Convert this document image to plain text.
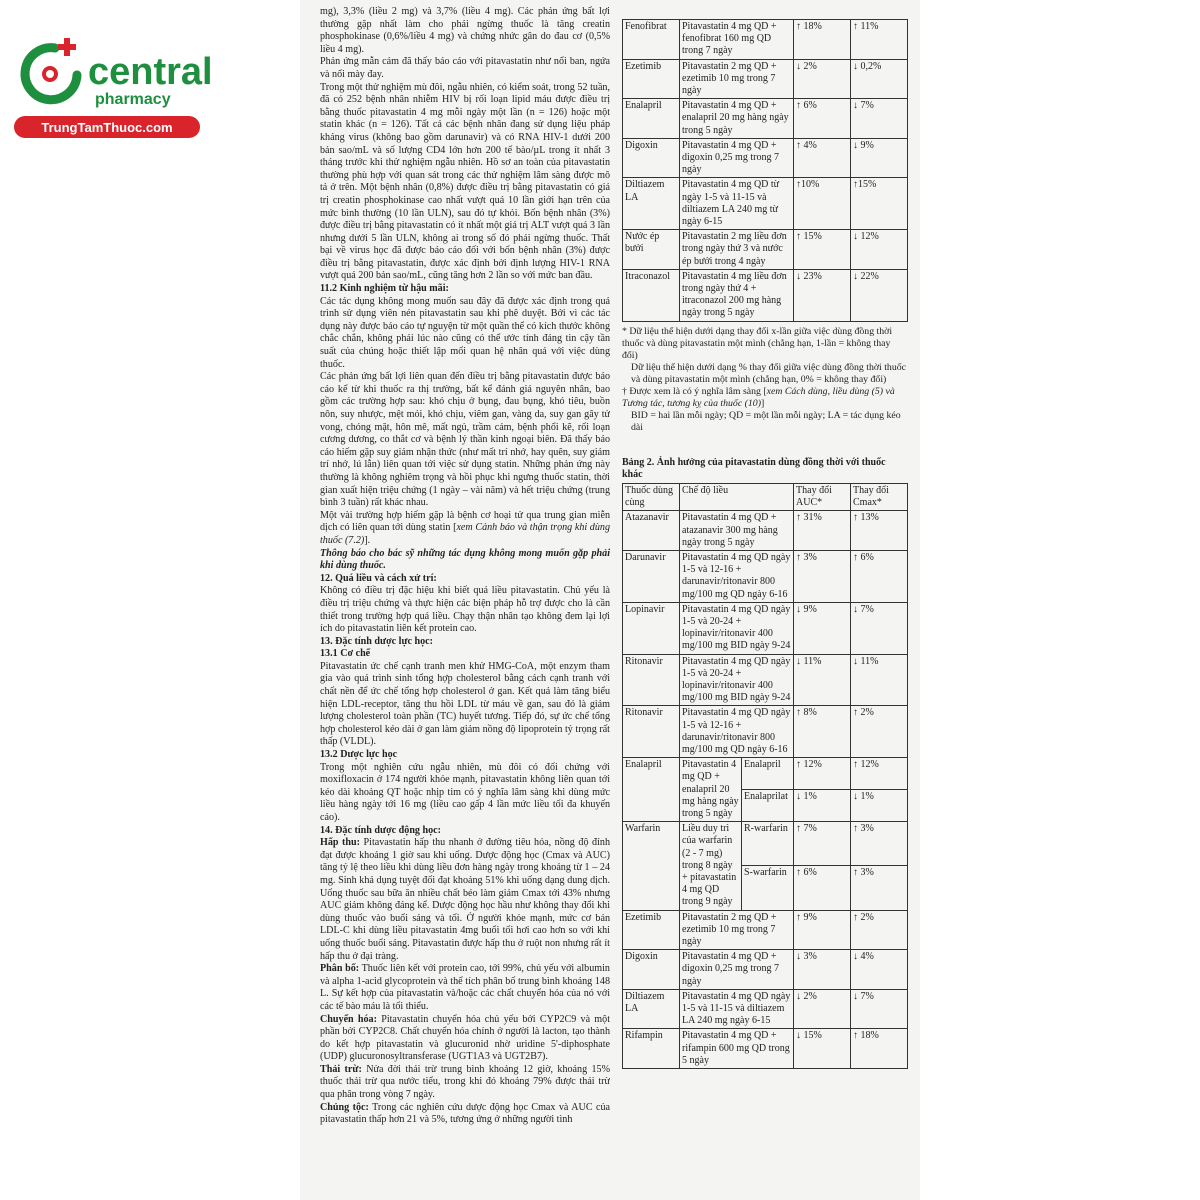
central
pharmacy
TrungTamThuoc.com

mg), 3,3% (liều 2 mg) và 3,7% (liều 4 mg). Các phản ứng bất lợi thường gặp nhất làm cho phải ngừng thuốc là tăng creatin phosphokinase (0,6%/liều 4 mg) và chứng nhức gân do đau cơ (0,5% liều 4 mg).

Phản ứng mẫn cảm đã thấy báo cáo với pitavastatin như nổi ban, ngứa và nổi mày đay.

Trong một thử nghiệm mù đôi, ngẫu nhiên, có kiểm soát, trong 52 tuần, đã có 252 bệnh nhân nhiễm HIV bị rối loạn lipid máu được điều trị bằng thuốc pitavastatin 4 mg mỗi ngày một lần (n = 126) hoặc một statin khác (n = 126). Tất cả các bệnh nhân đang sử dụng liệu pháp kháng virus (không bao gồm darunavir) và có RNA HIV-1 dưới 200 bản sao/mL và số lượng CD4 lớn hơn 200 tế bào/µL trong ít nhất 3 tháng trước khi thử nghiệm ngẫu nhiên. Hồ sơ an toàn của pitavastatin thường phù hợp với quan sát trong các thử nghiệm lâm sàng được mô tả ở trên. Một bệnh nhân (0,8%) được điều trị bằng pitavastatin có giá trị creatin phosphokinase cao nhất vượt quá 10 lần giới hạn trên của mức bình thường (10 lần ULN), sau đó tự khỏi. Bốn bệnh nhân (3%) được điều trị bằng pitavastatin có ít nhất một giá trị ALT vượt quá 3 lần nhưng dưới 5 lần ULN, không ai trong số đó phải ngừng thuốc. Thất bại về virus học đã được báo cáo đối với bốn bệnh nhân (3%) được điều trị bằng pitavastatin, được xác định bởi định lượng HIV-1 RNA vượt quá 200 bản sao/mL, cũng tăng hơn 2 lần so với mức ban đầu.

11.2 Kinh nghiệm từ hậu mãi:

Các tác dụng không mong muốn sau đây đã được xác định trong quá trình sử dụng viên nén pitavastatin sau khi phê duyệt. Bởi vì các tác dụng này được báo cáo tự nguyện từ một quần thể có kích thước không chắc chắn, không phải lúc nào cũng có thể ước tính đáng tin cậy tần suất của chúng hoặc thiết lập mối quan hệ nhân quả với việc dùng thuốc.

Các phản ứng bất lợi liên quan đến điều trị bằng pitavastatin được báo cáo kể từ khi thuốc ra thị trường, bất kể đánh giá nguyên nhân, bao gồm các trường hợp sau: khó chịu ở bụng, đau bụng, khó tiêu, buồn nôn, suy nhược, mệt mỏi, khó chịu, viêm gan, vàng da, suy gan gây tử vong, chóng mặt, hôn mê, mất ngủ, trầm cảm, bệnh phổi kẽ, rối loạn cương dương, co thắt cơ và bệnh lý thần kinh ngoại biên. Đã thấy báo cáo hiếm gặp suy giảm nhận thức (như mất trí nhớ, hay quên, suy giảm trí nhớ, lú lẫn) liên quan tới việc sử dụng statin. Những phản ứng này thường là không nghiêm trọng và hồi phục khi ngưng thuốc statin, thời gian xuất hiện triệu chứng (1 ngày – vài năm) và hết triệu chứng (trung bình 3 tuần) rất khác nhau.

Một vài trường hợp hiếm gặp là bệnh cơ hoại tử qua trung gian miễn dịch có liên quan tới dùng statin [xem Cảnh báo và thận trọng khi dùng thuốc (7.2)].

Thông báo cho bác sỹ những tác dụng không mong muốn gặp phải khi dùng thuốc.

12. Quá liều và cách xử trí:

Không có điều trị đặc hiệu khi biết quá liều pitavastatin. Chủ yếu là điều trị triệu chứng và thực hiện các biện pháp hỗ trợ được cho là cần thiết trong trường hợp quá liều. Chạy thận nhân tạo không đem lại lợi ích do pitavastatin liên kết protein cao.

13. Đặc tính dược lực học:

13.1 Cơ chế

Pitavastatin ức chế cạnh tranh men khử HMG-CoA, một enzym tham gia vào quá trình sinh tổng hợp cholesterol bằng cách cạnh tranh với chất nền để ức chế tổng hợp cholesterol ở gan. Kết quả làm tăng biểu hiện LDL-receptor, tăng thu hồi LDL từ máu về gan, sau đó là giảm lượng cholesterol toàn phần (TC) huyết tương. Tiếp đó, sự ức chế tổng hợp cholesterol kéo dài ở gan làm giảm nồng độ lipoprotein tỷ trọng rất thấp (VLDL).

13.2 Dược lực học

Trong một nghiên cứu ngẫu nhiên, mù đôi có đối chứng với moxifloxacin ở 174 người khỏe mạnh, pitavastatin không liên quan tới kéo dài khoảng QT hoặc nhịp tim có ý nghĩa lâm sàng khi dùng mức liều hàng ngày tới 16 mg (liều cao gấp 4 lần mức liều tối đa khuyến cáo).

14. Đặc tính dược động học:

Hấp thu: Pitavastatin hấp thu nhanh ở đường tiêu hóa, nồng độ đỉnh đạt được khoảng 1 giờ sau khi uống. Dược động học (Cmax và AUC) tăng tỷ lệ theo liều khi dùng liều đơn hàng ngày trong khoảng từ 1 – 24 mg. Sinh khả dụng tuyệt đối đạt khoảng 51% khi uống dạng dung dịch. Uống thuốc sau bữa ăn nhiều chất béo làm giảm Cmax tới 43% nhưng AUC giảm không đáng kể. Dược động học hầu như không thay đổi khi dùng thuốc vào buổi sáng và tối. Ở người khỏe mạnh, mức cơ bản LDL-C khi dùng liều pitavastatin 4mg buổi tối hơi cao hơn so với khi uống thuốc buổi sáng. Pitavastatin được hấp thu ở ruột non nhưng rất ít hấp thu ở đại tràng.

Phân bố: Thuốc liên kết với protein cao, tới 99%, chủ yếu với albumin và alpha 1-acid glycoprotein và thể tích phân bố trung bình khoảng 148 L. Sự kết hợp của pitavastatin và/hoặc các chất chuyển hóa của nó với các tế bào máu là tối thiểu.

Chuyển hóa: Pitavastatin chuyển hóa chủ yếu bởi CYP2C9 và một phần bởi CYP2C8. Chất chuyển hóa chính ở người là lacton, tạo thành do kết hợp pitavastatin và glucuronid nhờ uridine 5'-diphosphate (UDP) glucuronosyltransferase (UGT1A3 và UGT2B7).

Thải trừ: Nửa đời thải trừ trung bình khoảng 12 giờ, khoảng 15% thuốc thải trừ qua nước tiểu, trong khi đó khoảng 79% được thải trừ qua phân trong vòng 7 ngày.

Chủng tộc: Trong các nghiên cứu dược động học Cmax và AUC của pitavastatin thấp hơn 21 và 5%, tương ứng ở những người tình

Fenofibrat	Pitavastatin 4 mg QD + fenofibrat 160 mg QD trong 7 ngày	↑ 18%	↑ 11%
Ezetimib	Pitavastatin 2 mg QD + ezetimib 10 mg trong 7 ngày	↓ 2%	↓ 0,2%
Enalapril	Pitavastatin 4 mg QD + enalapril 20 mg hàng ngày trong 5 ngày	↑ 6%	↓ 7%
Digoxin	Pitavastatin 4 mg QD + digoxin 0,25 mg trong 7 ngày	↑ 4%	↓ 9%
Diltiazem LA	Pitavastatin 4 mg QD từ ngày 1-5 và 11-15 và diltiazem LA 240 mg từ ngày 6-15	↑10%	↑15%
Nước ép bưởi	Pitavastatin 2 mg liều đơn trong ngày thứ 3 và nước ép bưởi trong 4 ngày	↑ 15%	↓ 12%
Itraconazol	Pitavastatin 4 mg liều đơn trong ngày thứ 4 + itraconazol 200 mg hàng ngày trong 5 ngày	↓ 23%	↓ 22%

* Dữ liệu thể hiện dưới dạng thay đổi x-lần giữa việc dùng đồng thời thuốc và dùng pitavastatin một mình (chẳng hạn, 1-lần = không thay đổi)

Dữ liệu thể hiện dưới dạng % thay đổi giữa việc dùng đồng thời thuốc và dùng pitavastatin một mình (chẳng hạn, 0% = không thay đổi)

† Được xem là có ý nghĩa lâm sàng [xem Cách dùng, liều dùng (5) và Tương tác, tương kỵ của thuốc (10)]

BID = hai lần mỗi ngày; QD = một lần mỗi ngày; LA = tác dụng kéo dài

Bảng 2. Ảnh hưởng của pitavastatin dùng đồng thời với thuốc khác
Thuốc dùng cùng	Chế độ liều		Thay đổi AUC*	Thay đổi Cmax*
Atazanavir	Pitavastatin 4 mg QD + atazanavir 300 mg hàng ngày trong 5 ngày		↑ 31%	↑ 13%
Darunavir	Pitavastatin 4 mg QD ngày 1-5 và 12-16 + darunavir/ritonavir 800 mg/100 mg QD ngày 6-16		↑ 3%	↑ 6%
Lopinavir	Pitavastatin 4 mg QD ngày 1-5 và 20-24 + lopinavir/ritonavir 400 mg/100 mg BID ngày 9-24		↓ 9%	↓ 7%
Ritonavir	Pitavastatin 4 mg QD ngày 1-5 và 20-24 + lopinavir/ritonavir 400 mg/100 mg BID ngày 9-24		↓ 11%	↓ 11%
Ritonavir	Pitavastatin 4 mg QD ngày 1-5 và 12-16 + darunavir/ritonavir 800 mg/100 mg QD ngày 6-16		↑ 8%	↑ 2%
Enalapril	Pitavastatin 4 mg QD + enalapril 20 mg hàng ngày trong 5 ngày	Enalapril	↑ 12%	↑ 12%
		Enalaprilat	↓ 1%	↓ 1%
Warfarin	Liều duy trì của warfarin (2 - 7 mg) trong 8 ngày + pitavastatin 4 mg QD trong 9 ngày	R-warfarin	↑ 7%	↑ 3%
		S-warfarin	↑ 6%	↑ 3%
Ezetimib	Pitavastatin 2 mg QD + ezetimib 10 mg trong 7 ngày		↑ 9%	↑ 2%
Digoxin	Pitavastatin 4 mg QD + digoxin 0,25 mg trong 7 ngày		↓ 3%	↓ 4%
Diltiazem LA	Pitavastatin 4 mg QD ngày 1-5 và 11-15 và diltiazem LA 240 mg ngày 6-15		↓ 2%	↓ 7%
Rifampin	Pitavastatin 4 mg QD + rifampin 600 mg QD trong 5 ngày		↓ 15%	↑ 18%
